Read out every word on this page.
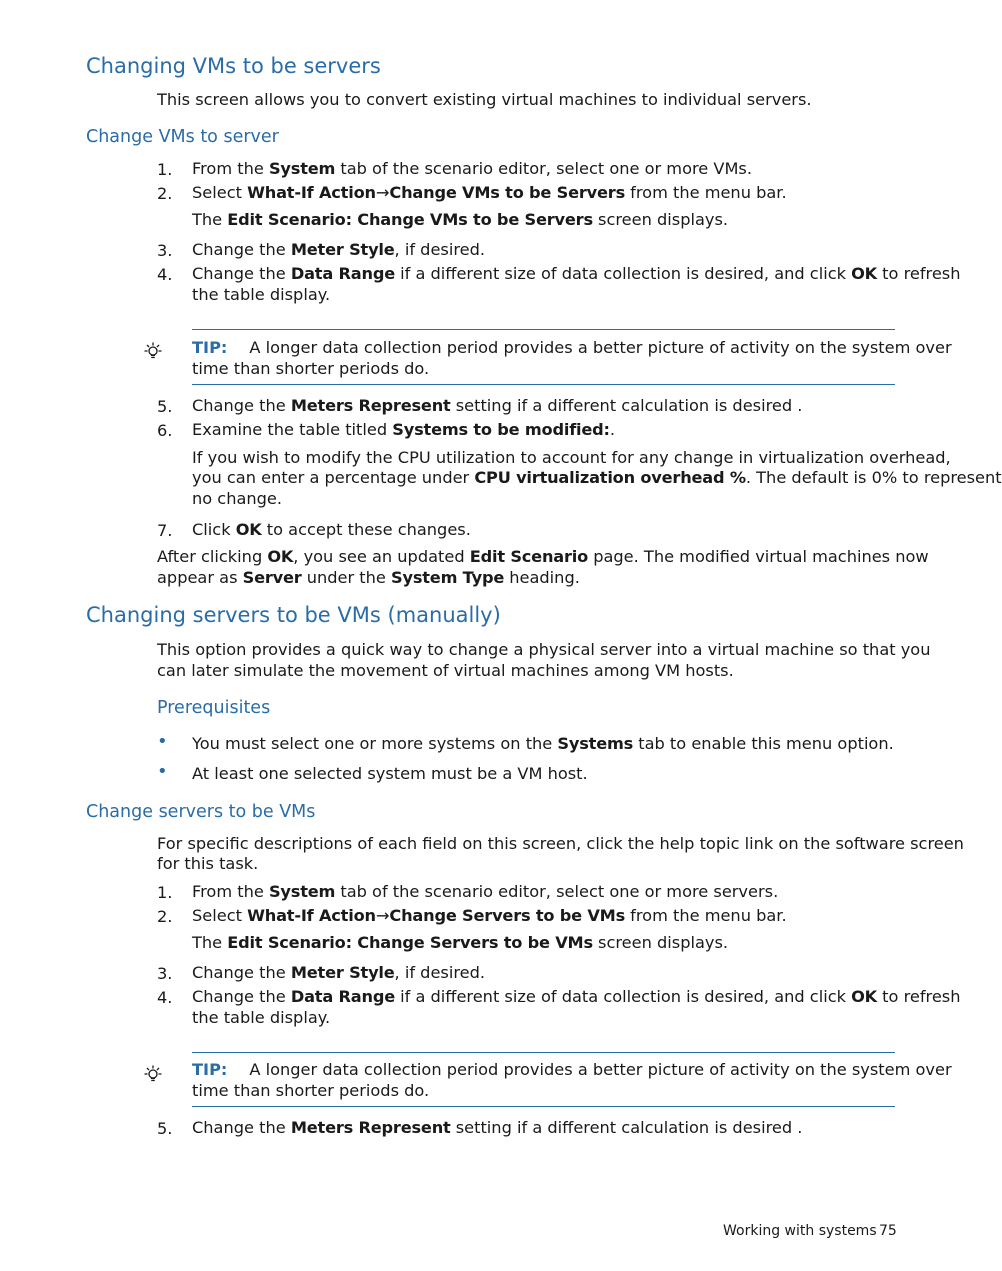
Changing VMs to be servers
This screen allows you to convert existing virtual machines to individual servers.
Change VMs to server
1. From the System tab of the scenario editor, select one or more VMs.
2. Select What-If Action→Change VMs to be Servers from the menu bar.
The Edit Scenario: Change VMs to be Servers screen displays.
3. Change the Meter Style, if desired.
4. Change the Data Range if a different size of data collection is desired, and click OK to refresh
the table display.
TIP: A longer data collection period provides a better picture of activity on the system over
time than shorter periods do.
5. Change the Meters Represent setting if a different calculation is desired .
6. Examine the table titled Systems to be modified:.
If you wish to modify the CPU utilization to account for any change in virtualization overhead,
you can enter a percentage under CPU virtualization overhead %. The default is 0% to represent
no change.
7. Click OK to accept these changes.
After clicking OK, you see an updated Edit Scenario page. The modified virtual machines now
appear as Server under the System Type heading.
Changing servers to be VMs (manually)
This option provides a quick way to change a physical server into a virtual machine so that you
can later simulate the movement of virtual machines among VM hosts.
Prerequisites
• You must select one or more systems on the Systems tab to enable this menu option.
• At least one selected system must be a VM host.
Change servers to be VMs
For specific descriptions of each field on this screen, click the help topic link on the software screen
for this task.
1. From the System tab of the scenario editor, select one or more servers.
2. Select What-If Action→Change Servers to be VMs from the menu bar.
The Edit Scenario: Change Servers to be VMs screen displays.
3. Change the Meter Style, if desired.
4. Change the Data Range if a different size of data collection is desired, and click OK to refresh
the table display.
TIP: A longer data collection period provides a better picture of activity on the system over
time than shorter periods do.
5. Change the Meters Represent setting if a different calculation is desired .
Working with systems 75
